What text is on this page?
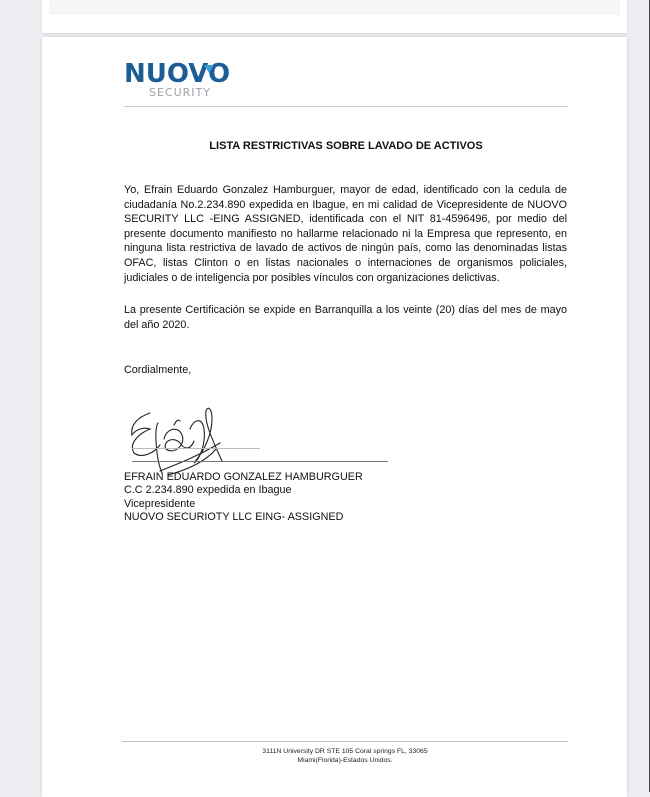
NUOVO
SECURITY
LISTA RESTRICTIVAS SOBRE LAVADO DE ACTIVOS
Yo, Efrain Eduardo Gonzalez Hamburguer, mayor de edad, identificado con la cedula de ciudadanía No.2.234.890 expedida en Ibague, en mi calidad de Vicepresidente de NUOVO SECURITY LLC -EING ASSIGNED, identificada con el NIT 81-4596496, por medio del presente documento manifiesto no hallarme relacionado ni la Empresa que represento, en ninguna lista restrictiva de lavado de activos de ningún país, como las denominadas listas OFAC, listas Clinton o en listas nacionales o internaciones de organismos policiales, judiciales o de inteligencia por posibles vínculos con organizaciones delictivas.
La presente Certificación se expide en Barranquilla a los veinte (20) días del mes de mayo del año 2020.
Cordialmente,
EFRAIN EDUARDO GONZALEZ HAMBURGUER
C.C 2.234.890 expedida en Ibague
Vicepresidente
NUOVO SECURIOTY LLC EING- ASSIGNED
3111N University DR STE 105 Coral springs FL, 33065
Miami(Florida)-Estados Unidos.
